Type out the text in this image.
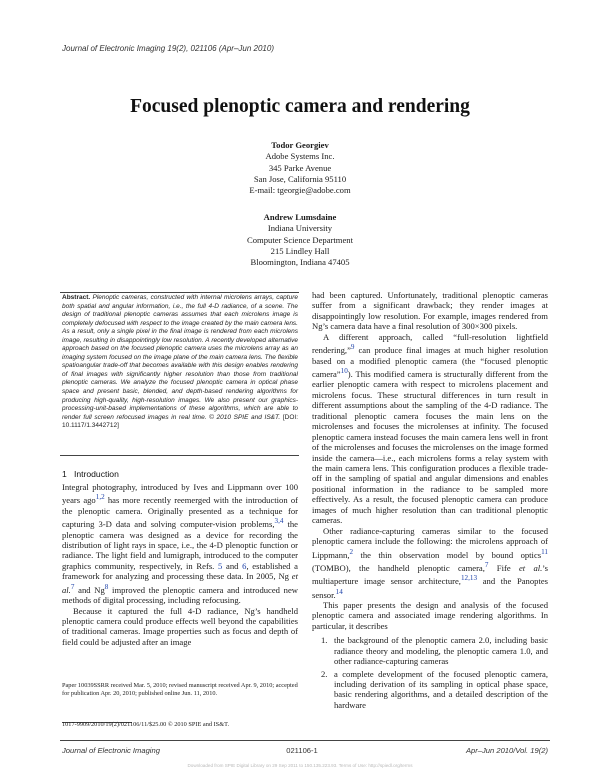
Journal of Electronic Imaging 19(2), 021106 (Apr–Jun 2010)
Focused plenoptic camera and rendering
Todor Georgiev
Adobe Systems Inc.
345 Parke Avenue
San Jose, California 95110
E-mail: tgeorgie@adobe.com
Andrew Lumsdaine
Indiana University
Computer Science Department
215 Lindley Hall
Bloomington, Indiana 47405
Abstract. Plenoptic cameras, constructed with internal microlens arrays, capture both spatial and angular information, i.e., the full 4-D radiance, of a scene. The design of traditional plenoptic cameras assumes that each microlens image is completely defocused with respect to the image created by the main camera lens. As a result, only a single pixel in the final image is rendered from each microlens image, resulting in disappointingly low resolution. A recently developed alternative approach based on the focused plenoptic camera uses the microlens array as an imaging system focused on the image plane of the main camera lens. The flexible spatioangular trade-off that becomes available with this design enables rendering of final images with significantly higher resolution than those from traditional plenoptic cameras. We analyze the focused plenoptic camera in optical phase space and present basic, blended, and depth-based rendering algorithms for producing high-quality, high-resolution images. We also present our graphics-processing-unit-based implementations of these algorithms, which are able to render full screen refocused images in real time. © 2010 SPIE and IS&T. [DOI: 10.1117/1.3442712]
1 Introduction

Integral photography, introduced by Ives and Lippmann over 100 years ago$^{1,2}$ has more recently reemerged with the introduction of the plenoptic camera. Originally presented as a technique for capturing 3-D data and solving computer-vision problems,$^{3,4}$ the plenoptic camera was designed as a device for recording the distribution of light rays in space, i.e., the 4-D plenoptic function or radiance. The light field and lumigraph, introduced to the computer graphics community, respectively, in Refs. 5 and 6, established a framework for analyzing and processing these data. In 2005, Ng et al.$^7$ and Ng$^8$ improved the plenoptic camera and introduced new methods of digital processing, including refocusing.

Because it captured the full 4-D radiance, Ng’s handheld plenoptic camera could produce effects well beyond the capabilities of traditional cameras. Image properties such as focus and depth of field could be adjusted after an image

had been captured. Unfortunately, traditional plenoptic cameras suffer from a significant drawback; they render images at disappointingly low resolution. For example, images rendered from Ng’s camera data have a final resolution of 300×300 pixels.

A different approach, called “full-resolution lightfield rendering,”$^9$ can produce final images at much higher resolution based on a modified plenoptic camera (the “focused plenoptic camera”$^{10}$). This modified camera is structurally different from the earlier plenoptic camera with respect to microlens placement and microlens focus. These structural differences in turn result in different assumptions about the sampling of the 4-D radiance. The traditional plenoptic camera focuses the main lens on the microlenses and focuses the microlenses at infinity. The focused plenoptic camera instead focuses the main camera lens well in front of the microlenses and focuses the microlenses on the image formed inside the camera—i.e., each microlens forms a relay system with the main camera lens. This configuration produces a flexible trade-off in the sampling of spatial and angular dimensions and enables positional information in the radiance to be sampled more effectively. As a result, the focused plenoptic camera can produce images of much higher resolution than can traditional plenoptic cameras.

Other radiance-capturing cameras similar to the focused plenoptic camera include the following: the microlens approach of Lippmann,$^2$ the thin observation model by bound optics$^{11}$ (TOMBO), the handheld plenoptic camera,$^7$ Fife et al.’s multiaperture image sensor architecture,$^{12,13}$ and the Panoptes sensor.$^{14}$

This paper presents the design and analysis of the focused plenoptic camera and associated image rendering algorithms. In particular, it describes

1. the background of the plenoptic camera 2.0, including basic radiance theory and modeling, the plenoptic camera 1.0, and other radiance-capturing cameras
2. a complete development of the focused plenoptic camera, including derivation of its sampling in optical phase space, basic rendering algorithms, and a detailed description of the hardware
Paper 10039SSRR received Mar. 5, 2010; revised manuscript received Apr. 9, 2010; accepted for publication Apr. 20, 2010; published online Jun. 11, 2010.
1017-9909/2010/19(2)/021106/11/$25.00 © 2010 SPIE and IS&T.
Journal of Electronic Imaging	021106-1	Apr–Jun 2010/Vol. 19(2)
Downloaded from SPIE Digital Library on 29 Sep 2011 to 150.135.223.93. Terms of Use: http://spiedl.org/terms
